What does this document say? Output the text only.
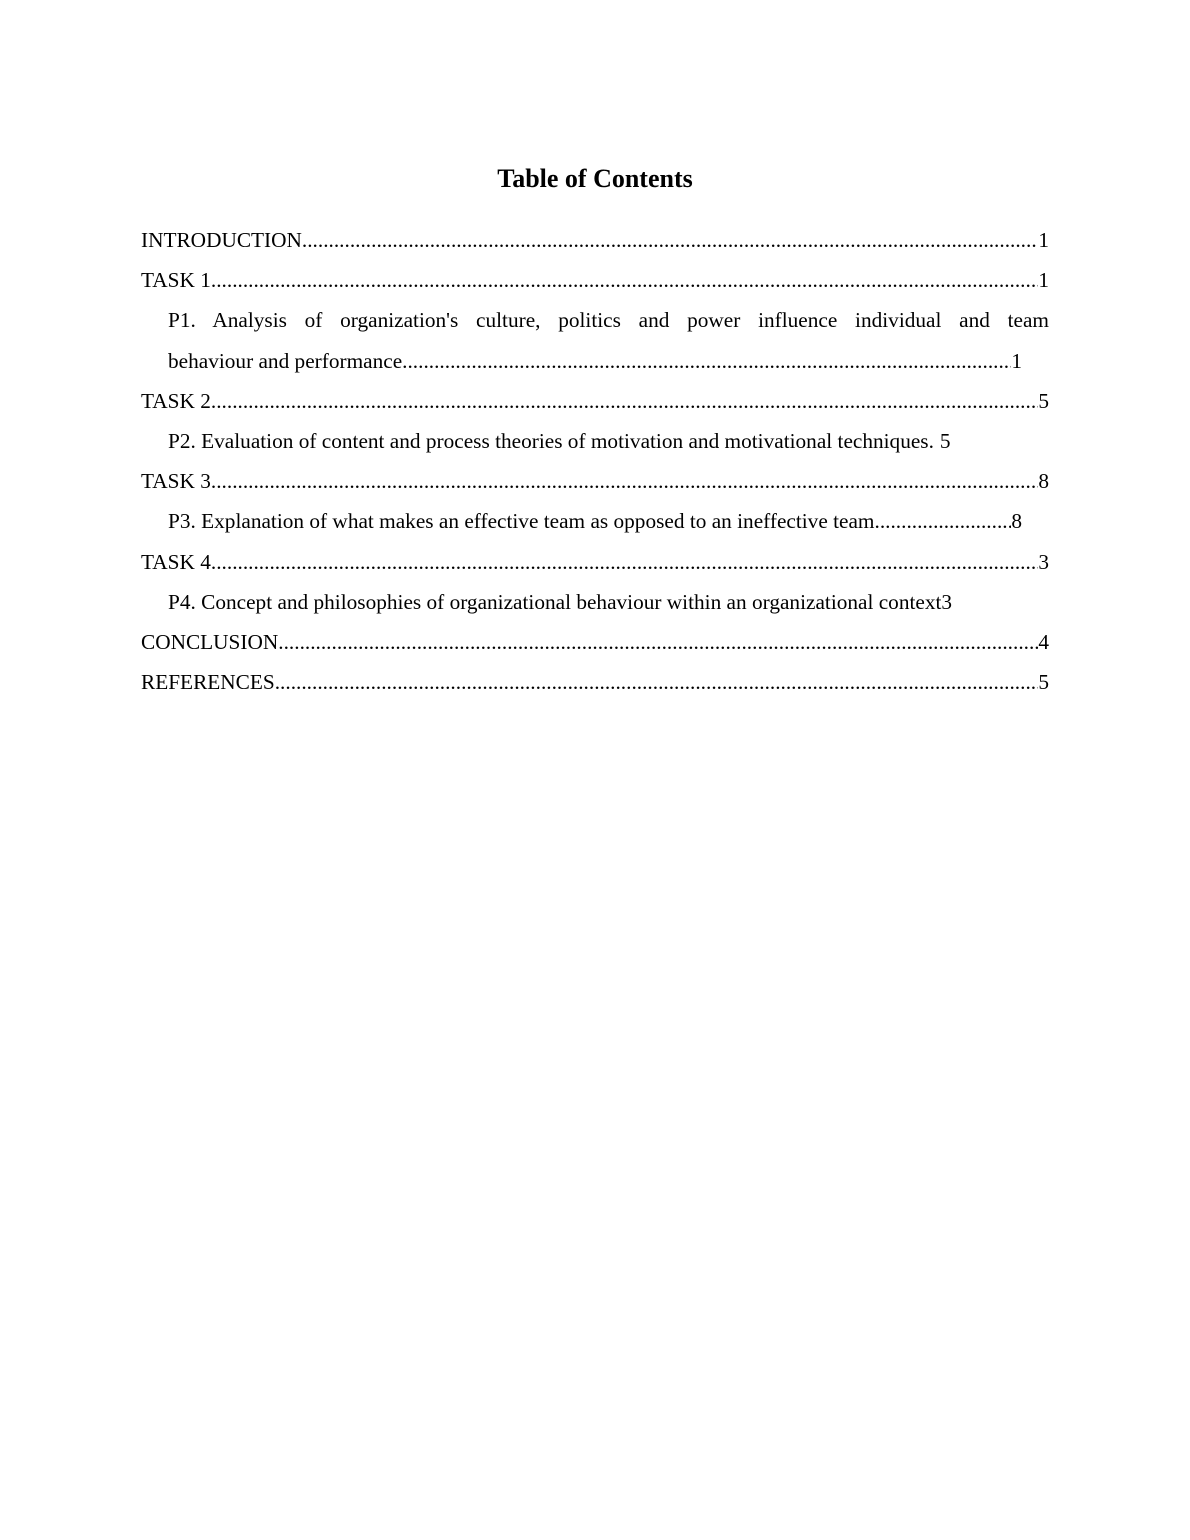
Table of Contents
INTRODUCTION .....	1
TASK 1 .....	1
P1. Analysis of organization's culture, politics and power influence individual and team
behaviour and performance .....	1
TASK 2 .....	5
P2. Evaluation of content and process theories of motivation and motivational techniques. 5
TASK 3 .....	8
P3. Explanation of what makes an effective team as opposed to an ineffective team .....	8
TASK 4 .....	3
P4. Concept and philosophies of organizational behaviour within an organizational context 3
CONCLUSION .....	4
REFERENCES .....	5
